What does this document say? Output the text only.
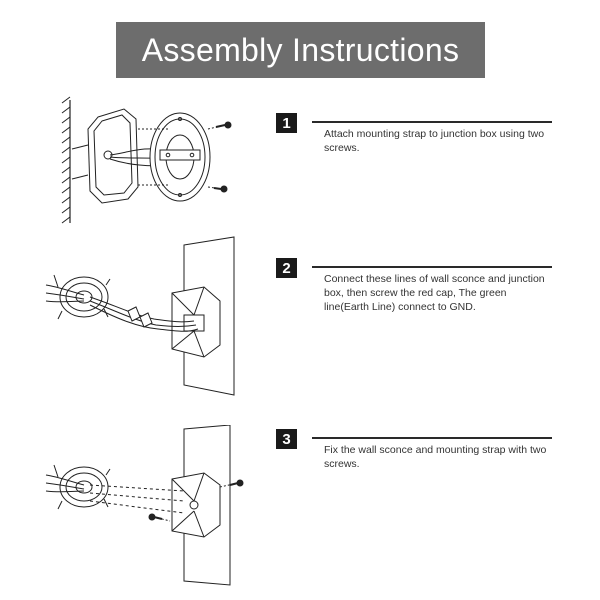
Assembly Instructions
1
Attach mounting strap to junction box using two screws.
2
Connect these lines of wall sconce and junction box, then screw the red cap, The green line(Earth Line) connect to GND.
3
Fix the wall sconce and mounting strap with two screws.
